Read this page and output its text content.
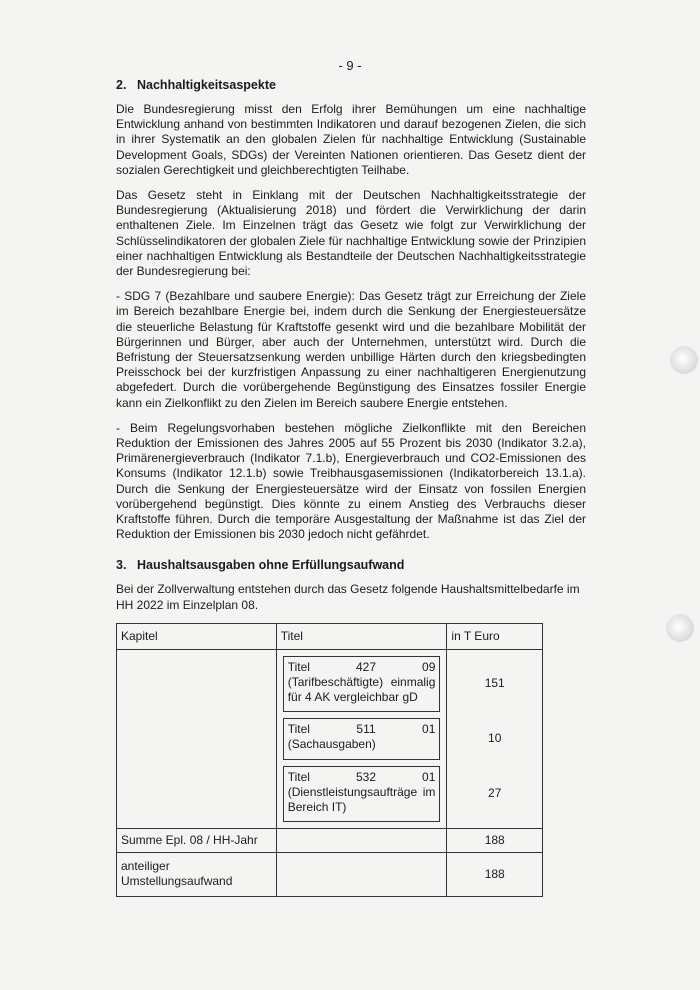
- 9 -
2. Nachhaltigkeitsaspekte

Die Bundesregierung misst den Erfolg ihrer Bemühungen um eine nachhaltige Entwicklung anhand von bestimmten Indikatoren und darauf bezogenen Zielen, die sich in ihrer Systematik an den globalen Zielen für nachhaltige Entwicklung (Sustainable Development Goals, SDGs) der Vereinten Nationen orientieren. Das Gesetz dient der sozialen Gerechtigkeit und gleichberechtigten Teilhabe.

Das Gesetz steht in Einklang mit der Deutschen Nachhaltigkeitsstrategie der Bundesregierung (Aktualisierung 2018) und fördert die Verwirklichung der darin enthaltenen Ziele. Im Einzelnen trägt das Gesetz wie folgt zur Verwirklichung der Schlüsselindikatoren der globalen Ziele für nachhaltige Entwicklung sowie der Prinzipien einer nachhaltigen Entwicklung als Bestandteile der Deutschen Nachhaltigkeitsstrategie der Bundesregierung bei:

- SDG 7 (Bezahlbare und saubere Energie): Das Gesetz trägt zur Erreichung der Ziele im Bereich bezahlbare Energie bei, indem durch die Senkung der Energiesteuersätze die steuerliche Belastung für Kraftstoffe gesenkt wird und die bezahlbare Mobilität der Bürgerinnen und Bürger, aber auch der Unternehmen, unterstützt wird. Durch die Befristung der Steuersatzsenkung werden unbillige Härten durch den kriegsbedingten Preisschock bei der kurzfristigen Anpassung zu einer nachhaltigeren Energienutzung abgefedert. Durch die vorübergehende Begünstigung des Einsatzes fossiler Energie kann ein Zielkonflikt zu den Zielen im Bereich saubere Energie entstehen.

- Beim Regelungsvorhaben bestehen mögliche Zielkonflikte mit den Bereichen Reduktion der Emissionen des Jahres 2005 auf 55 Prozent bis 2030 (Indikator 3.2.a), Primärenergieverbrauch (Indikator 7.1.b), Energieverbrauch und CO2-Emissionen des Konsums (Indikator 12.1.b) sowie Treibhausgasemissionen (Indikatorbereich 13.1.a). Durch die Senkung der Energiesteuersätze wird der Einsatz von fossilen Energien vorübergehend begünstigt. Dies könnte zu einem Anstieg des Verbrauchs dieser Kraftstoffe führen. Durch die temporäre Ausgestaltung der Maßnahme ist das Ziel der Reduktion der Emissionen bis 2030 jedoch nicht gefährdet.

3. Haushaltsausgaben ohne Erfüllungsaufwand

Bei der Zollverwaltung entstehen durch das Gesetz folgende Haushaltsmittelbedarfe im HH 2022 im Einzelplan 08.

Kapitel	Titel	in T Euro

	Titel 427 09 (Tarifbeschäftigte) einmalig für 4 AK vergleichbar gD	151

	Titel 511 01 (Sachausgaben)	10

	Titel 532 01 (Dienstleistungsaufträge im Bereich IT)	27

Summe Epl. 08 / HH-Jahr		188
anteiliger Umstellungsaufwand		188
